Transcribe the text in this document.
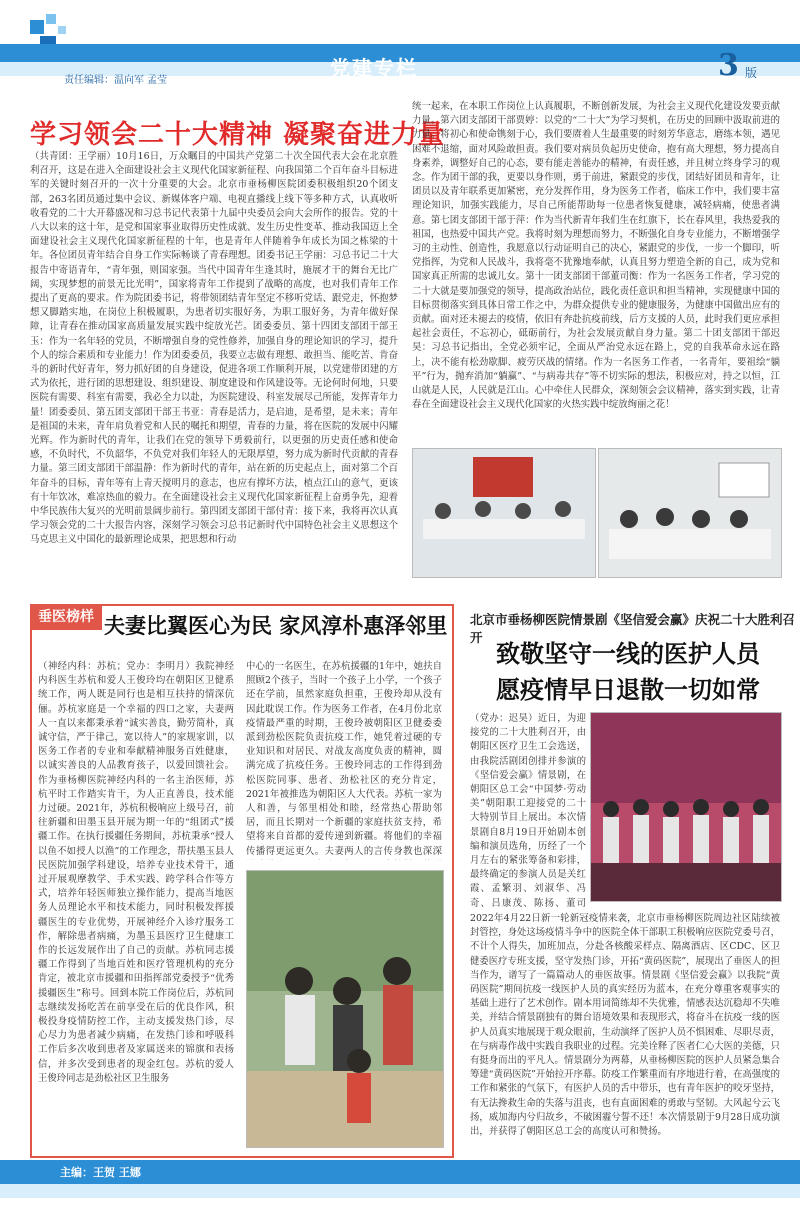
责任编辑：温向军 孟莹
党建专栏	3 版
学习领会二十大精神 凝聚奋进力量
（共青团：王学丽）10月16日，万众瞩目的中国共产党第二十次全国代表大会在北京胜利召开，这是在进入全面建设社会主义现代化国家新征程、向我国第二个百年奋斗目标进军的关键时刻召开的一次十分重要的大会。北京市垂杨柳医院团委积极组织20个团支部，263名团员通过集中会议、新媒体客户端、电视直播线上线下等多种方式，认真收听收看党的二十大开幕盛况和习总书记代表第十九届中央委员会向大会所作的报告。党的十八大以来的这十年，是党和国家事业取得历史性成就、发生历史性变革、推动我国迈上全面建设社会主义现代化国家新征程的十年，也是青年人伴随着争年成长为国之栋梁的十年。各位团员青年结合自身工作实际畅谈了青春理想。团委书记王学丽：习总书记二十大报告中寄语青年，“青年强，则国家强。当代中国青年生逢其时，施展才干的舞台无比广阔，实现梦想的前景无比光明”，国家将青年工作提到了战略的高度，也对我们青年工作提出了更高的要求。作为院团委书记，将带领团结青年坚定不移听党话、跟党走，怀抱梦想又脚踏实地，在岗位上积极履职，为患者切实服好务，为职工服好务，为青年做好保障，让青春在推动国家高质量发展实践中绽放光芒。团委委员、第十四团支部团干部王玉：作为一名年轻的党员，不断增强自身的党性修养，加强自身的理论知识的学习，提升个人的综合素质和专业能力！作为团委委员，我要立志做有理想、敢担当、能吃苦、肯奋斗的新时代好青年，努力抓好团的自身建设，促进各项工作顺利开展，以党建带团建的方式为依托，进行团的思想建设、组织建设、制度建设和作风建设等。无论何时何地，只要医院有需要、科室有需要，我必全力以赴，为医院建设、科室发展尽己所能，发挥青年力量！团委委员、第五团支部团干部王书亚：青春是活力，是启迪，是希望，是未来；青年是祖国的未来，青年肩负着党和人民的嘱托和期望，青春的力量，将在医院的发展中闪耀光辉。作为新时代的青年，让我们在党的领导下勇毅前行，以更强的历史责任感和使命感，不负时代，不负韶华，不负党对我们年轻人的无限厚望，努力成为新时代贡献的青春力量。第三团支部团干部温静：作为新时代的青年，站在新的历史起点上，面对第二个百年奋斗的目标，青年等有上青天搅明月的意志，也应有撑坏方法，植点江山的意气，更该有十年饮冰，难凉热血的毅力。在全面建设社会主义现代化国家新征程上奋勇争先，迎着中华民族伟大复兴的光明前景阔步前行。第四团支部团干部付青：接下来，我将再次认真学习领会党的二十大报告内容，深刻学习领会习总书记新时代中国特色社会主义思想这个马克思主义中国化的最新理论成果，把思想和行动
统一起来，在本职工作岗位上认真履职，不断创新发展，为社会主义现代化建设发要贡献力量。第六团支部团干部贾婷：以党的“二十大”为学习契机，在历史的回顾中汲取前进的力量。将初心和使命镌刻于心，我们要赓着人生最重要的时刻芳华意志，磨练本领，遇见困难不退缩，面对风险敢担责。我们要对病员负起历史使命，抱有高大理想，努力提高自身素养，调整好自己的心态，要有能走善能办的精神，有责任感，并且树立终身学习的观念。作为团干部的我，更要以身作则，勇于前进，紧跟党的步伐，团结好团员和青年，让团员以及青年联系更加紧密，充分发挥作用，身为医务工作者，临床工作中，我们要丰富理论知识，加强实践能力，尽自己所能帮助每一位患者恢复健康，减轻病痛，使患者满意。第七团支部团干部于萍：作为当代新青年我们生在红旗下，长在春风里，我热爱我的祖国，也热爱中国共产党。我将时刻为理想而努力，不断强化自身专业能力，不断增强学习的主动性、创造性，我愿意以行动证明自己的决心，紧跟党的步伐，一步一个脚印，听党指挥，为党和人民战斗，我将毫不犹豫地奉献，认真且努力塑造全新的自己，成为党和国家真正所需的忠诚儿女。第十一团支部团干部董司衡：作为一名医务工作者，学习党的二十大就是要加强党的领导，提高政治站位，践化责任意识和担当精神，实现健康中国的目标贯彻落实到具体日常工作之中，为群众提供专业的健康服务，为健康中国做出应有的贡献。面对还未褪去的疫情，依旧有奔赴抗疫前线，后方支援的人员，此时我们更应承担起社会责任，不忘初心，砥砺前行，为社会发展贡献自身力量。第二十团支部团干部迟昊：习总书记指出，全党必须牢记，全面从严治党永远在路上，党的自我革命永远在路上，决不能有松劲歇脚、疲劳厌战的情绪。作为一名医务工作者，一名青年，要祖绘“躺平”行为，抛弃消加“躺赢”、“与病毒共存”等不切实际的想法，积极应对，持之以恒，江山就是人民，人民就是江山。心中牵住人民群众，深刻领会会议精神，落实到实践，让青春在全面建设社会主义现代化国家的火热实践中绽放绚丽之花！
垂医榜样 夫妻比翼医心为民 家风淳朴惠泽邻里
（神经内科：苏杭；党办：李明月）我院神经内科医生苏杭和爱人王俊玲均在朝阳区卫健系统工作，两人既是同行也是相互扶持的情深伉俪。苏杭家庭是一个幸福的四口之家，夫妻两人一直以来都秉承着“诚实善良，勤劳简朴，真诚守信，严于律己，宽以待人”的家规家训，以医务工作者的专业和奉献精神服务百姓健康，以诚实善良的人品教育孩子，以爱回馈社会。作为垂杨柳医院神经内科的一名主治医师，苏杭平时工作踏实肯干，为人正直善良，技术能力过硬。2021年，苏杭积极响应上级号召，前往新疆和田墨玉县开展为期一年的“组团式”援疆工作。在执行援疆任务期间，苏杭秉承“授人以鱼不如授人以渔”的工作理念，帮扶墨玉县人民医院加强学科建设，培养专业技术骨干，通过开展观摩教学、手术实践、跨学科合作等方式，培养年轻医师独立操作能力，提高当地医务人员理论水平和技术能力，同时积极发挥援疆医生的专业优势，开展神经介入诊疗服务工作，解除患者病痛，为墨玉县医疗卫生健康工作的长远发展作出了自己的贡献。苏杭同志援疆工作得到了当地百姓和医疗管理机构的充分肯定，被北京市援疆和田指挥部党委授予“优秀援疆医生”称号。回到本院工作岗位后，苏杭同志继续发扬吃苦在前享受在后的优良作风，积极投身疫情防控工作，主动支援发热门诊，尽心尽力为患者减少病痛，在发热门诊和呼吸科工作后多次收到患者及家属送来的锦旗和表扬信，并多次受到患者的现金红包。苏杭的爱人王俊玲同志是劲松社区卫生服务
中心的一名医生，在苏杭援疆的1年中，她扶自照顾2个孩子，当时一个孩子上小学，一个孩子还在学前，虽然家庭负担重，王俊玲却从没有因此耽误工作。作为医务工作者，在4月份北京疫情最严重的时期，王俊玲被朝阳区卫健委委派到劲松医院负责抗疫工作，她凭着过硬的专业知识和对居民、对战友高度负责的精神，圆满完成了抗疫任务。王俊玲同志的工作得到劲松医院同事、患者、劲松社区的充分肯定，2021年被推选为朝阳区人大代表。苏杭一家为人和善，与邻里相处和睦，经常热心帮助邻居，而且长期对一个新疆的家庭扶贫支持，希望将来自首都的爱传递到新疆。将他们的幸福传播得更远更久。夫妻两人的言传身教也深深
北京市垂杨柳医院情景剧《坚信爱会赢》庆祝二十大胜利召开
致敬坚守一线的医护人员
愿疫情早日退散一切如常
（党办：迟昊）近日，为迎接党的二十大胜利召开，由朝阳区医疗卫生工会选送，由我院活剧团创排并参演的《坚信爱会赢》情景剧，在朝阳区总工会“中国梦·劳动美”朝阳职工迎接党的二十大特别节目上展出。本次情景剧自8月19日开始剧本创编和演员选角，历经了一个月左右的紧张筹备和彩排，最终确定的参演人员是关红霞、孟繁羽、刘淑华、冯奇、吕康茂、陈扬、董司
2022年4月22日新一轮新冠疫情来袭，北京市垂杨柳医院周边社区陆续被封管控，身处这场疫情斗争中的医院全体干部职工积极响应医院党委号召，不计个人得失，加班加点，分赴各核酸采样点、隔离酒店、区CDC、区卫健委医疗专班支援，坚守发热门诊，开拓“黄码医院”，展现出了垂医人的担当作为，谱写了一篇篇动人的垂医故事。情景剧《坚信爱会赢》以我院“黄码医院”期间抗疫一线医护人员的真实经历为蓝本，在充分尊重客观事实的基础上进行了艺术创作。剧本用词简练却不失优雅，情感表达沉稳却不失唯美，并结合情景剧独有的舞台语境效果和表现形式，将奋斗在抗疫一线的医护人员真实地展现于观众眼前，生动演绎了医护人员不惧困难、尽职尽责，在与病毒作战中实践自我职业的过程。完美诠释了医者仁心大医的美德，只有挺身而出的平凡人。情景剧分为两幕，从垂杨柳医院的医护人员紧急集合筹建“黄码医院”开始拉开序幕。防疫工作繁重而有序地进行着，在高强度的工作和紧张的气氛下，有医护人员的舌中带乐，也有青年医护的咬牙坚持，有无法搀救生命的失落与沮丧，也有直面困难的勇敢与坚韧。大风起兮云飞扬，威加海内兮归故乡，不破困霾兮誓不还！本次情景剧于9月28日成功演出，并获得了朝阳区总工会的高度认可和赞扬。
主编：王贺 王娜
